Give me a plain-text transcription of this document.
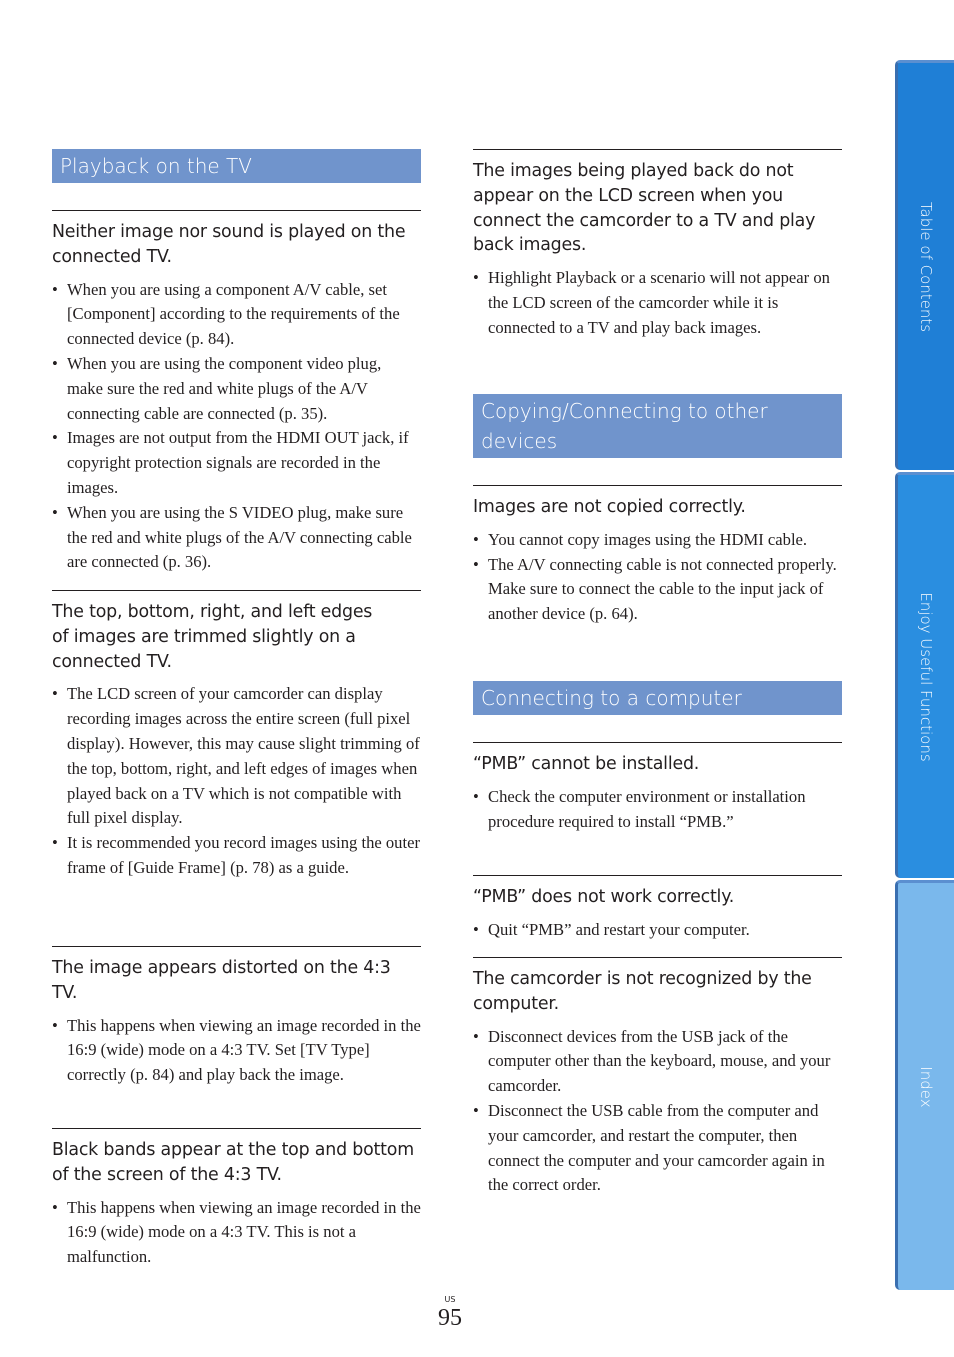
Playback on the TV
Neither image nor sound is played on the connected TV.
• When you are using a component A/V cable, set [Component] according to the requirements of the connected device (p. 84).
• When you are using the component video plug, make sure the red and white plugs of the A/V connecting cable are connected (p. 35).
• Images are not output from the HDMI OUT jack, if copyright protection signals are recorded in the images.
• When you are using the S VIDEO plug, make sure the red and white plugs of the A/V connecting cable are connected (p. 36).
The top, bottom, right, and left edges of images are trimmed slightly on a connected TV.
• The LCD screen of your camcorder can display recording images across the entire screen (full pixel display). However, this may cause slight trimming of the top, bottom, right, and left edges of images when played back on a TV which is not compatible with full pixel display.
• It is recommended you record images using the outer frame of [Guide Frame] (p. 78) as a guide.
The image appears distorted on the 4:3 TV.
• This happens when viewing an image recorded in the 16:9 (wide) mode on a 4:3 TV. Set [TV Type] correctly (p. 84) and play back the image.
Black bands appear at the top and bottom of the screen of the 4:3 TV.
• This happens when viewing an image recorded in the 16:9 (wide) mode on a 4:3 TV. This is not a malfunction.
The images being played back do not appear on the LCD screen when you connect the camcorder to a TV and play back images.
• Highlight Playback or a scenario will not appear on the LCD screen of the camcorder while it is connected to a TV and play back images.
Copying/Connecting to other devices
Images are not copied correctly.
• You cannot copy images using the HDMI cable.
• The A/V connecting cable is not connected properly. Make sure to connect the cable to the input jack of another device (p. 64).
Connecting to a computer
“PMB” cannot be installed.
• Check the computer environment or installation procedure required to install “PMB.”
“PMB” does not work correctly.
• Quit “PMB” and restart your computer.
The camcorder is not recognized by the computer.
• Disconnect devices from the USB jack of the computer other than the keyboard, mouse, and your camcorder.
• Disconnect the USB cable from the computer and your camcorder, and restart the computer, then connect the computer and your camcorder again in the correct order.
Table of Contents
Enjoy Useful Functions
Index
US
95
